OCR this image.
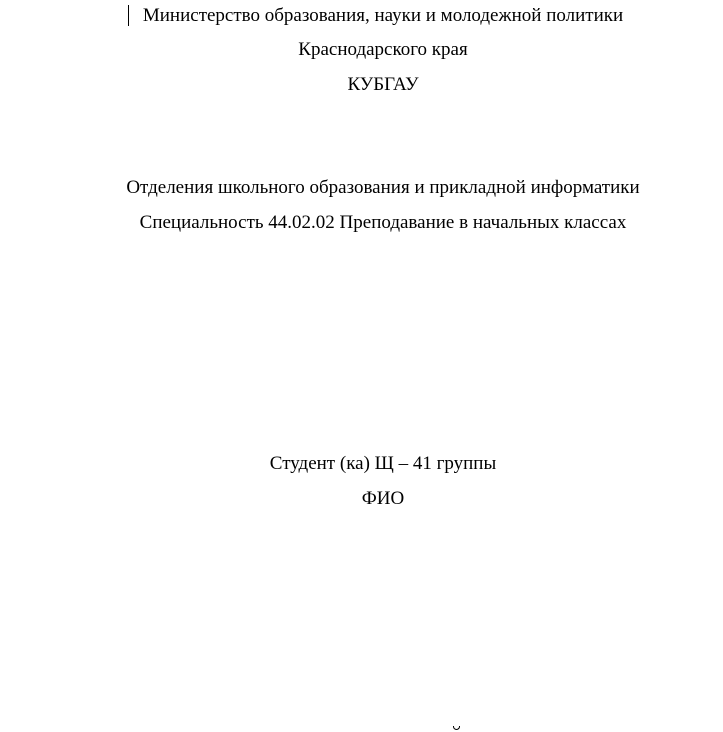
Министерство образования, науки и молодежной политики
Краснодарского края
КУБГАУ
Отделения школьного образования и прикладной информатики
Специальность 44.02.02 Преподавание в начальных классах
Студент (ка) Щ – 41 группы
ФИО
